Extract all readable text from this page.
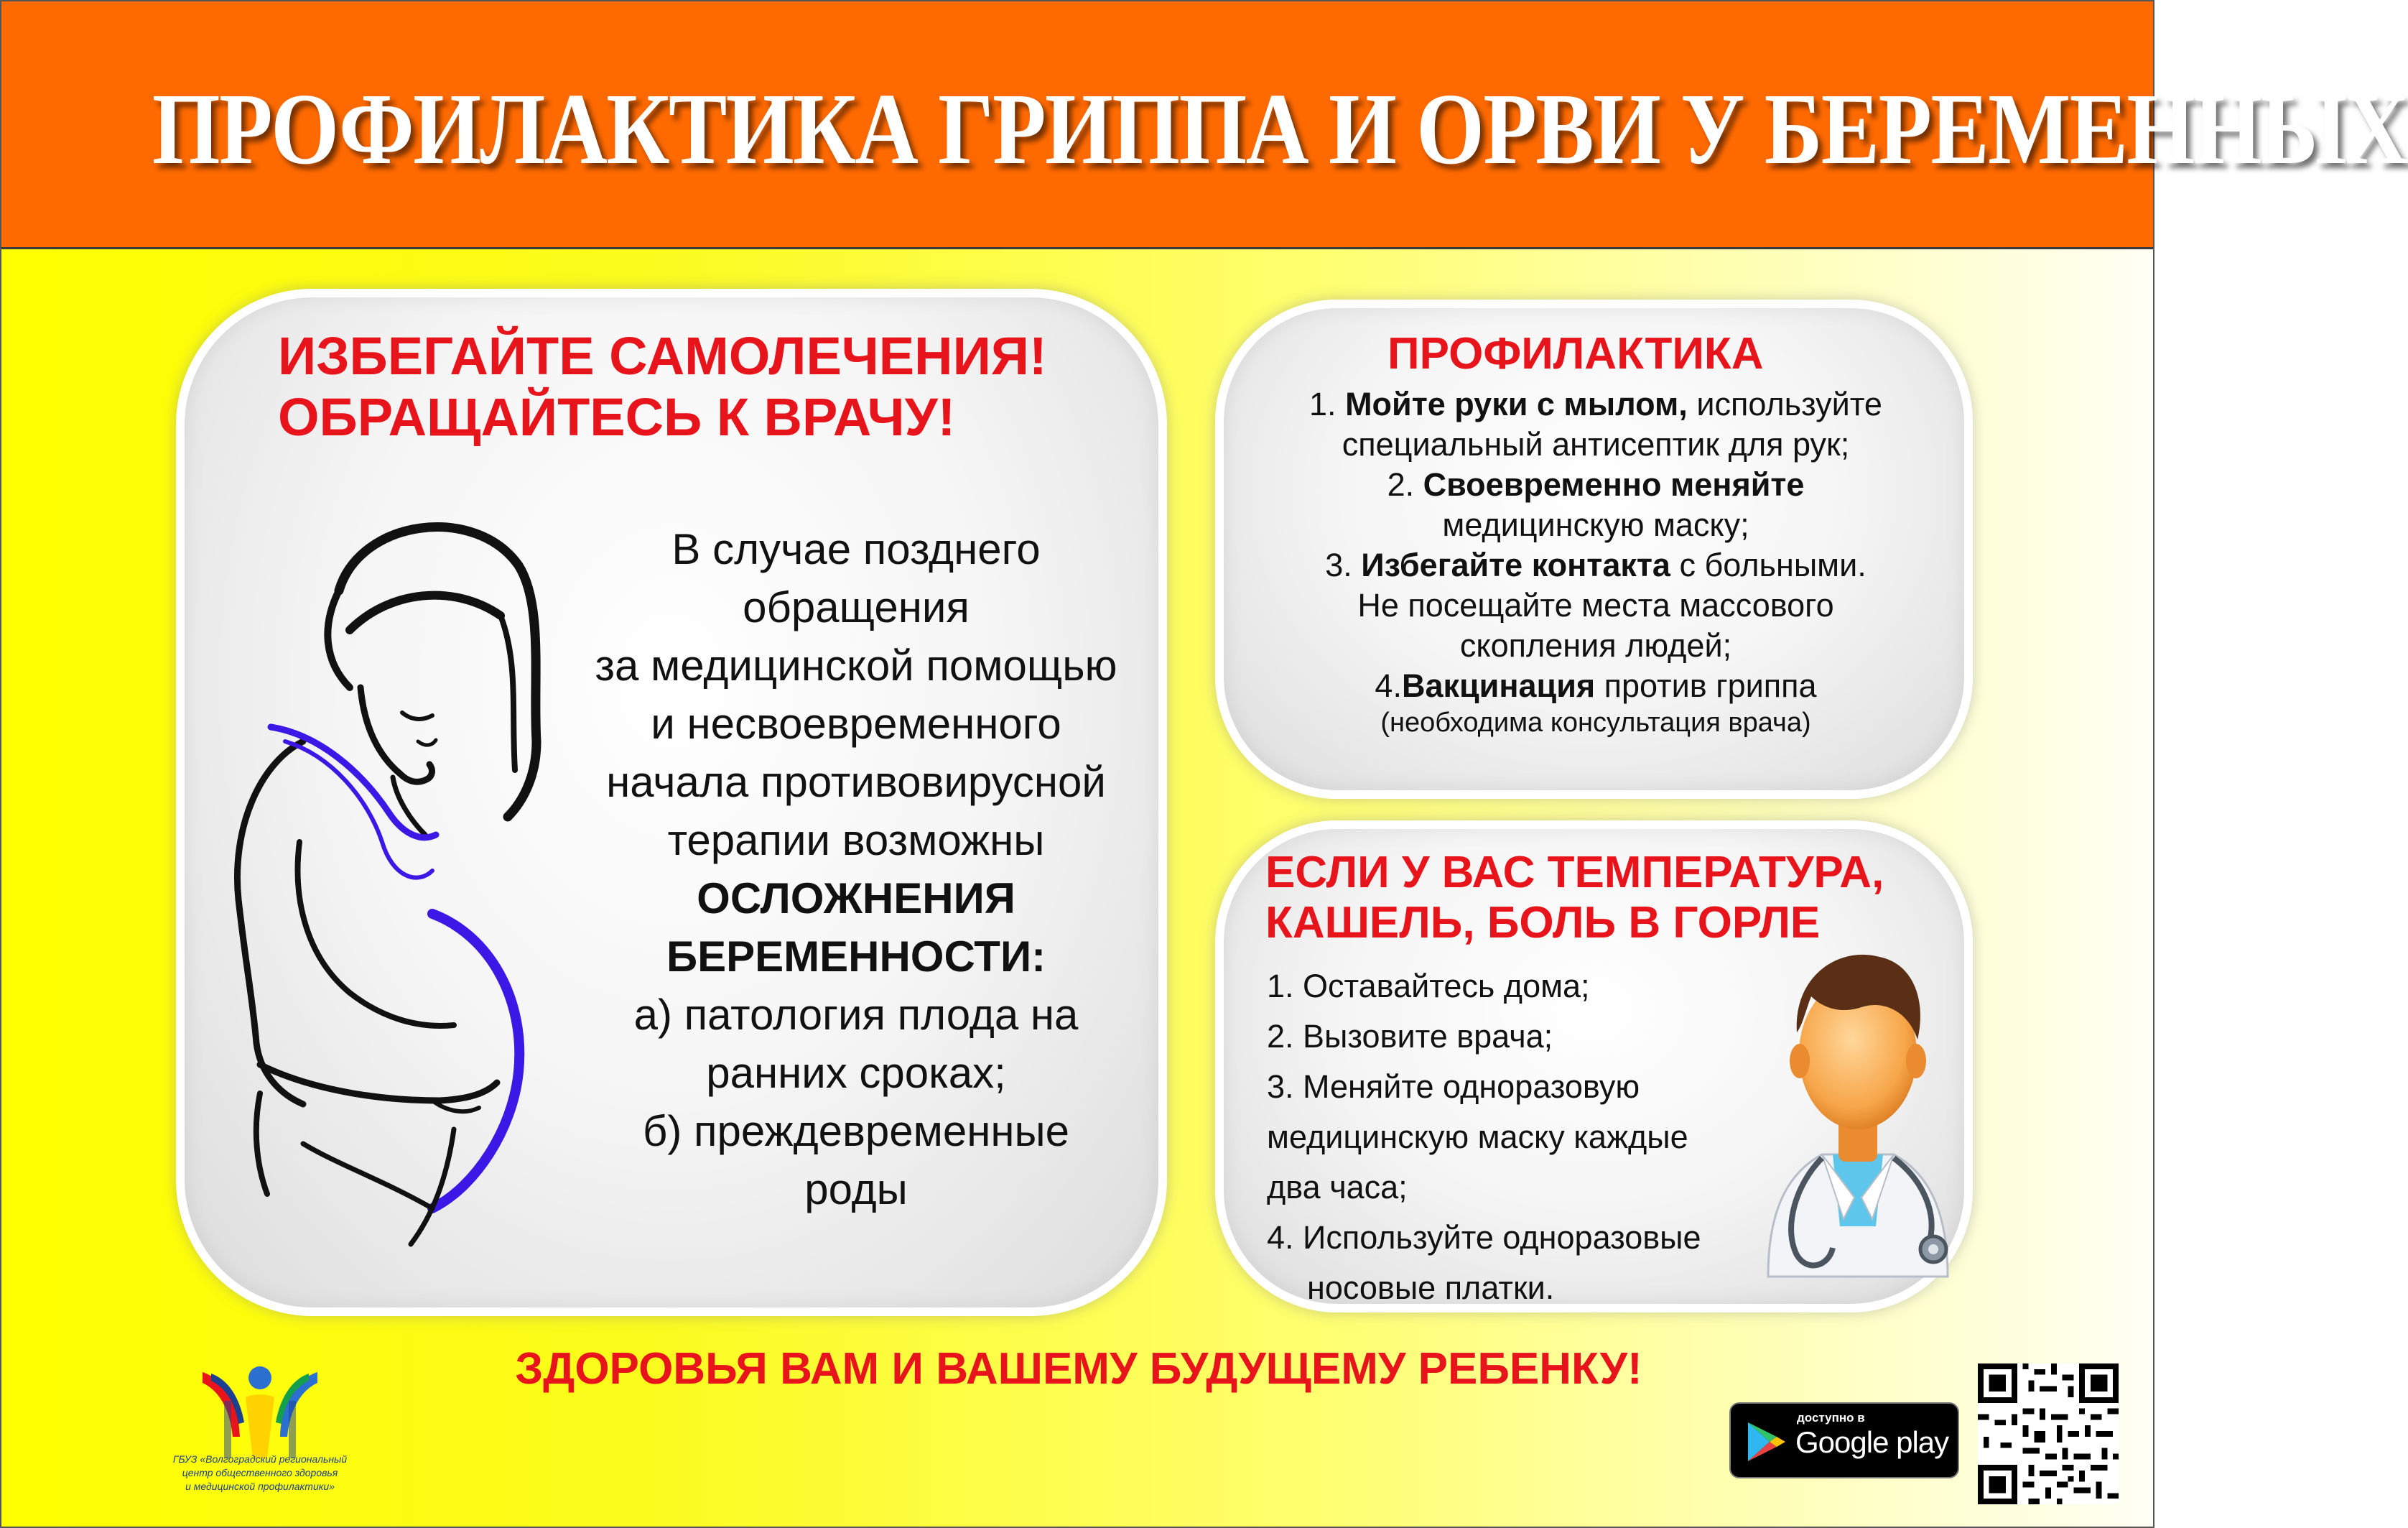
ПРОФИЛАКТИКА ГРИППА И ОРВИ У БЕРЕМЕННЫХ
ИЗБЕГАЙТЕ САМОЛЕЧЕНИЯ!
ОБРАЩАЙТЕСЬ К ВРАЧУ!
В случае позднего
обращения
за медицинской помощью
и несвоевременного
начала противовирусной
терапии возможны
ОСЛОЖНЕНИЯ
БЕРЕМЕННОСТИ:
а) патология плода на
ранних сроках;
б) преждевременные
роды
ПРОФИЛАКТИКА
1. Мойте руки с мылом, используйте
специальный антисептик для рук;
2. Своевременно меняйте
медицинскую маску;
3. Избегайте контакта с больными.
Не посещайте места массового
скопления людей;
4.Вакцинация против гриппа
(необходима консультация врача)
ЕСЛИ У ВАС ТЕМПЕРАТУРА,
КАШЕЛЬ, БОЛЬ В ГОРЛЕ
1. Оставайтесь дома;
2. Вызовите врача;
3. Меняйте одноразовую
медицинскую маску каждые
два часа;
4. Используйте одноразовые
носовые платки.
ЗДОРОВЬЯ ВАМ И ВАШЕМУ БУДУЩЕМУ РЕБЕНКУ!
ГБУЗ «Волгоградский региональный
центр общественного здоровья
и медицинской профилактики»
доступно в
Google play
